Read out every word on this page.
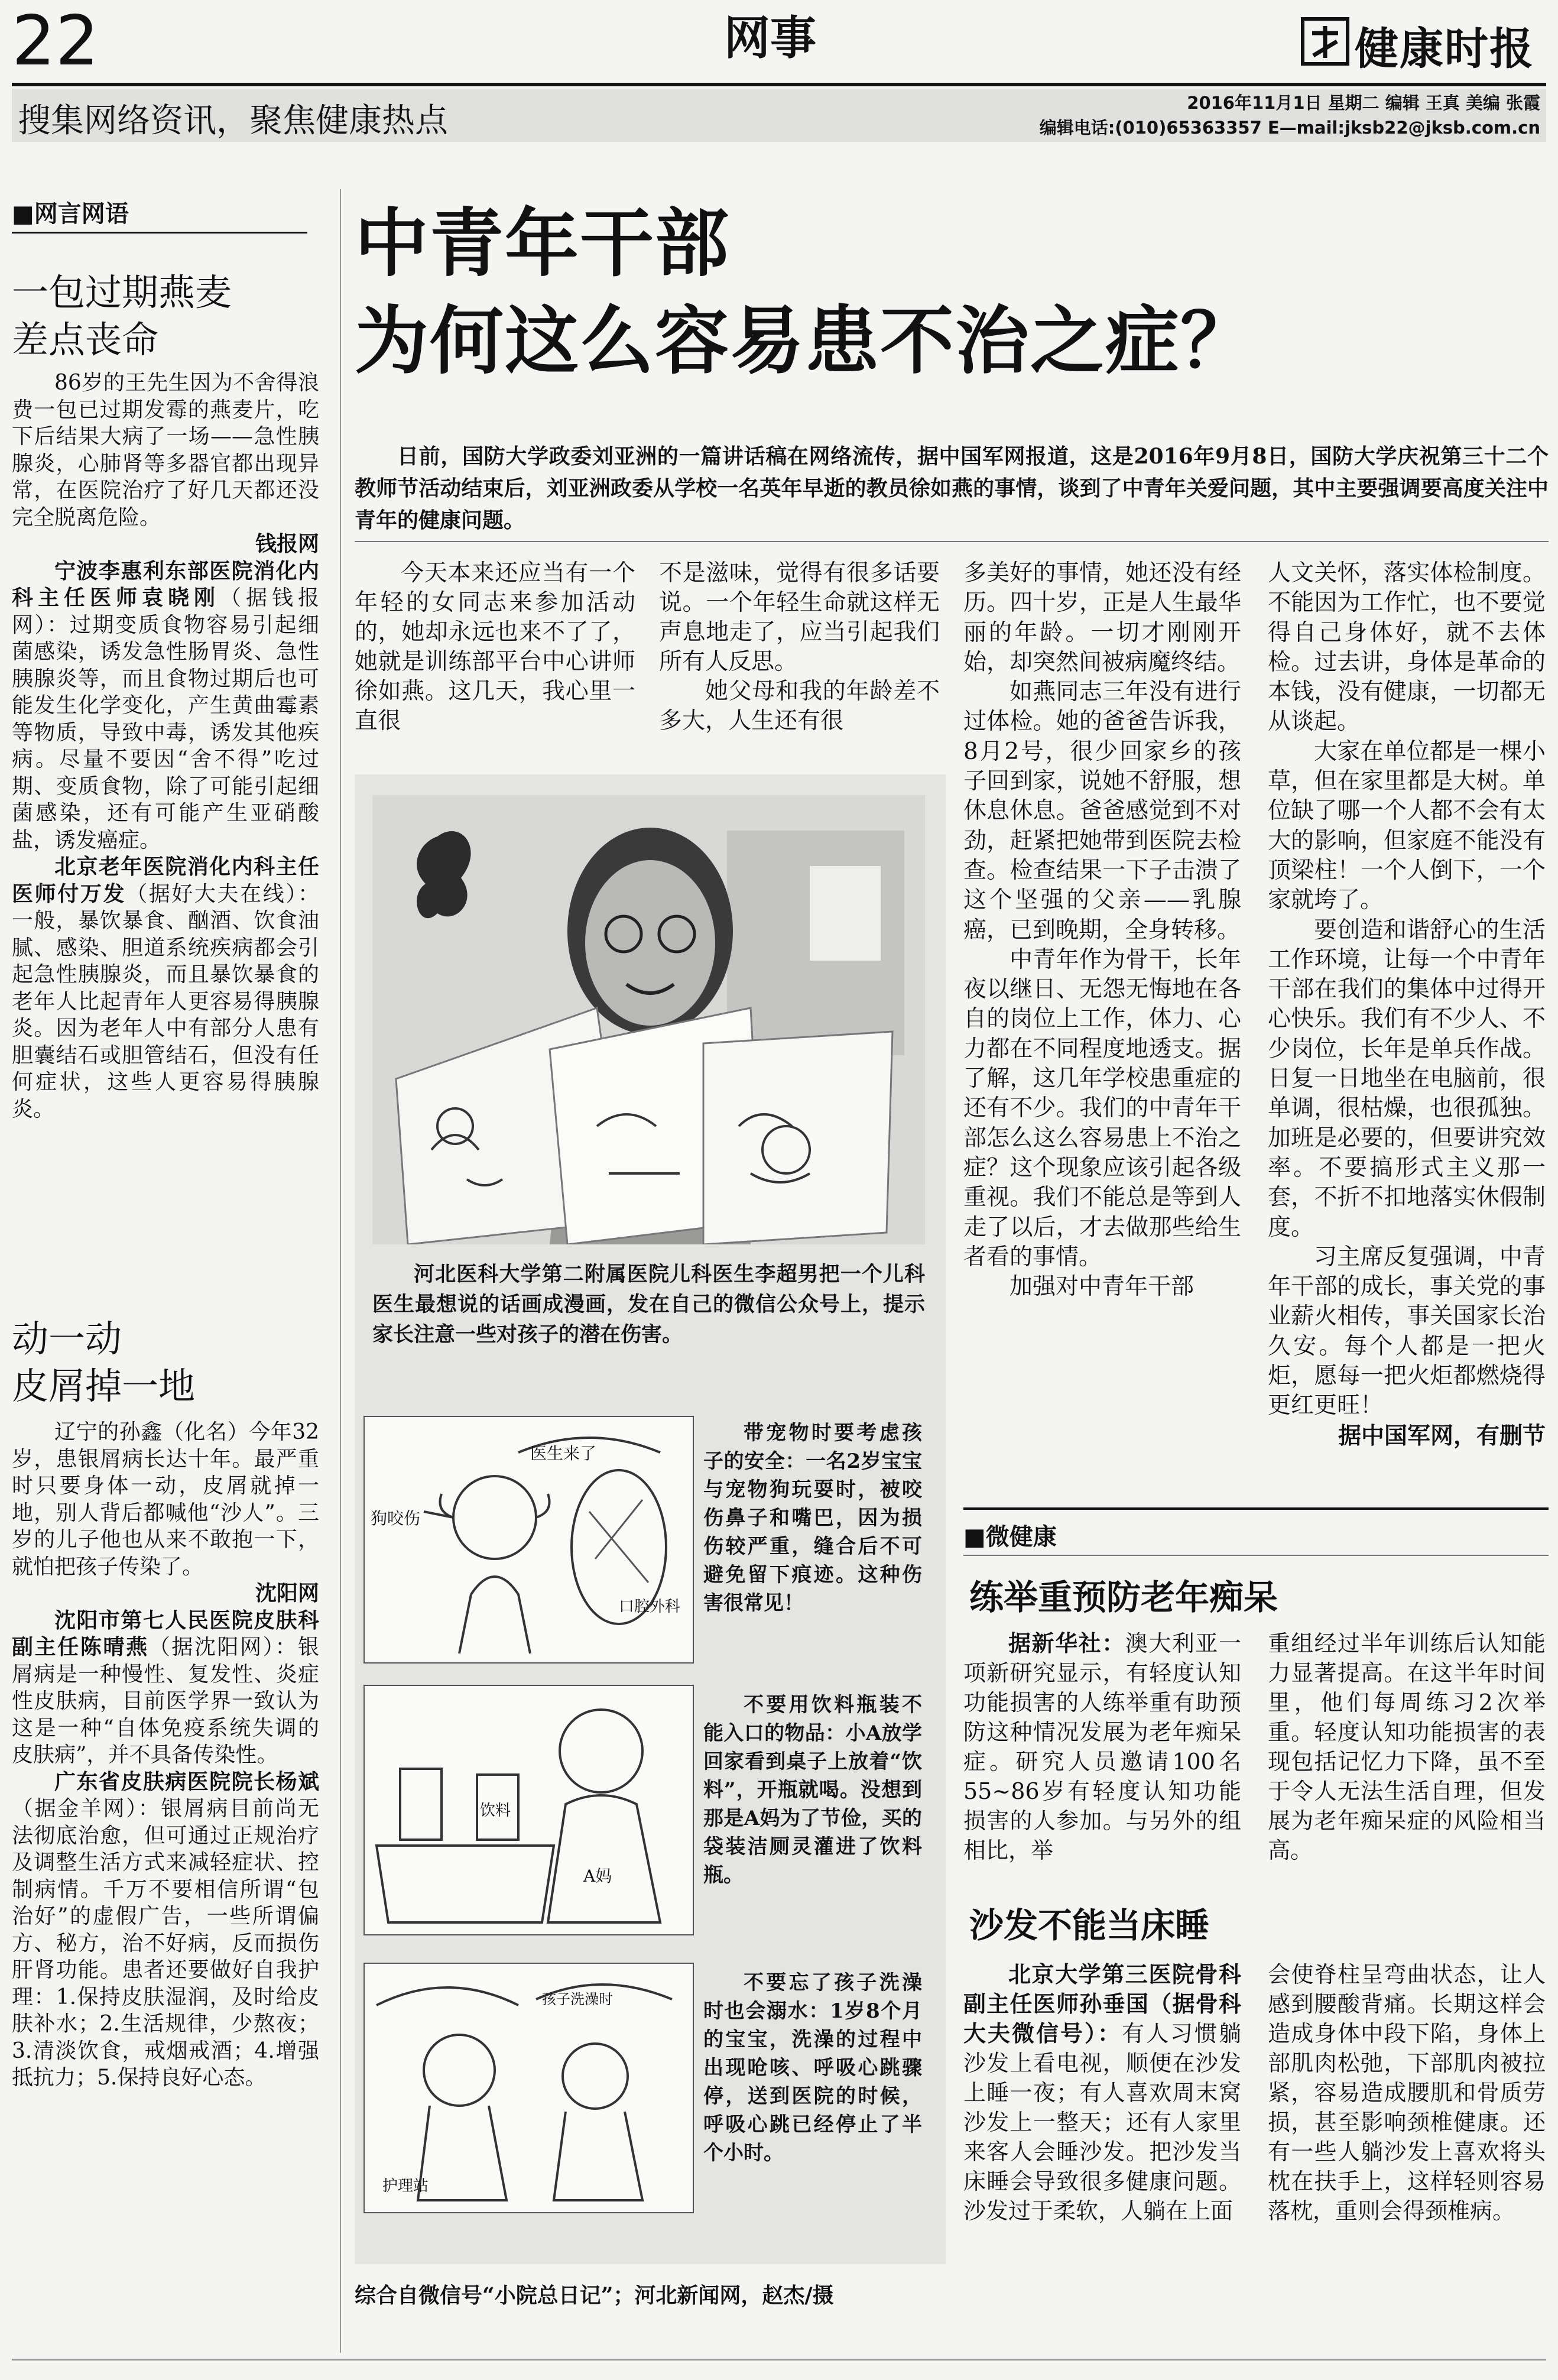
22	网事	健康时报
搜集网络资讯，聚焦健康热点	2016年11月1日 星期二 编辑 王真 美编 张霞
编辑电话:(010)65363357 E—mail:jksb22@jksb.com.cn
■网言网语
一包过期燕麦
差点丧命

86岁的王先生因为不舍得浪费一包已过期发霉的燕麦片，吃下后结果大病了一场——急性胰腺炎，心肺肾等多器官都出现异常，在医院治疗了好几天都还没完全脱离危险。

钱报网

宁波李惠利东部医院消化内科主任医师袁晓刚（据钱报网）：过期变质食物容易引起细菌感染，诱发急性肠胃炎、急性胰腺炎等，而且食物过期后也可能发生化学变化，产生黄曲霉素等物质，导致中毒，诱发其他疾病。尽量不要因“舍不得”吃过期、变质食物，除了可能引起细菌感染，还有可能产生亚硝酸盐，诱发癌症。

北京老年医院消化内科主任医师付万发（据好大夫在线）：一般，暴饮暴食、酗酒、饮食油腻、感染、胆道系统疾病都会引起急性胰腺炎，而且暴饮暴食的老年人比起青年人更容易得胰腺炎。因为老年人中有部分人患有胆囊结石或胆管结石，但没有任何症状，这些人更容易得胰腺炎。

动一动
皮屑掉一地

辽宁的孙鑫（化名）今年32岁，患银屑病长达十年。最严重时只要身体一动，皮屑就掉一地，别人背后都喊他“沙人”。三岁的儿子他也从来不敢抱一下，就怕把孩子传染了。

沈阳网

沈阳市第七人民医院皮肤科副主任陈晴燕（据沈阳网）：银屑病是一种慢性、复发性、炎症性皮肤病，目前医学界一致认为这是一种“自体免疫系统失调的皮肤病”，并不具备传染性。

广东省皮肤病医院院长杨斌（据金羊网）：银屑病目前尚无法彻底治愈，但可通过正规治疗及调整生活方式来减轻症状、控制病情。千万不要相信所谓“包治好”的虚假广告，一些所谓偏方、秘方，治不好病，反而损伤肝肾功能。患者还要做好自我护理：1.保持皮肤湿润，及时给皮肤补水；2.生活规律，少熬夜；3.清淡饮食，戒烟戒酒；4.增强抵抗力；5.保持良好心态。

中青年干部
为何这么容易患不治之症？

日前，国防大学政委刘亚洲的一篇讲话稿在网络流传，据中国军网报道，这是2016年9月8日，国防大学庆祝第三十二个教师节活动结束后，刘亚洲政委从学校一名英年早逝的教员徐如燕的事情，谈到了中青年关爱问题，其中主要强调要高度关注中青年的健康问题。

今天本来还应当有一个年轻的女同志来参加活动的，她却永远也来不了了，她就是训练部平台中心讲师徐如燕。这几天，我心里一直很

不是滋味，觉得有很多话要说。一个年轻生命就这样无声息地走了，应当引起我们所有人反思。

她父母和我的年龄差不多大，人生还有很

多美好的事情，她还没有经历。四十岁，正是人生最华丽的年龄。一切才刚刚开始，却突然间被病魔终结。

如燕同志三年没有进行过体检。她的爸爸告诉我，8月2号，很少回家乡的孩子回到家，说她不舒服，想休息休息。爸爸感觉到不对劲，赶紧把她带到医院去检查。检查结果一下子击溃了这个坚强的父亲——乳腺癌，已到晚期，全身转移。

中青年作为骨干，长年夜以继日、无怨无悔地在各自的岗位上工作，体力、心力都在不同程度地透支。据了解，这几年学校患重症的还有不少。我们的中青年干部怎么这么容易患上不治之症？这个现象应该引起各级重视。我们不能总是等到人走了以后，才去做那些给生者看的事情。

加强对中青年干部

人文关怀，落实体检制度。不能因为工作忙，也不要觉得自己身体好，就不去体检。过去讲，身体是革命的本钱，没有健康，一切都无从谈起。

大家在单位都是一棵小草，但在家里都是大树。单位缺了哪一个人都不会有太大的影响，但家庭不能没有顶梁柱！一个人倒下，一个家就垮了。

要创造和谐舒心的生活工作环境，让每一个中青年干部在我们的集体中过得开心快乐。我们有不少人、不少岗位，长年是单兵作战。日复一日地坐在电脑前，很单调，很枯燥，也很孤独。加班是必要的，但要讲究效率。不要搞形式主义那一套，不折不扣地落实休假制度。

习主席反复强调，中青年干部的成长，事关党的事业薪火相传，事关国家长治久安。每个人都是一把火炬，愿每一把火炬都燃烧得更红更旺！

据中国军网，有删节

河北医科大学第二附属医院儿科医生李超男把一个儿科医生最想说的话画成漫画，发在自己的微信公众号上，提示家长注意一些对孩子的潜在伤害。

医生来了
狗咬伤
口腔外科

带宠物时要考虑孩子的安全：一名2岁宝宝与宠物狗玩耍时，被咬伤鼻子和嘴巴，因为损伤较严重，缝合后不可避免留下痕迹。这种伤害很常见！

饮料
A妈

不要用饮料瓶装不能入口的物品：小A放学回家看到桌子上放着“饮料”，开瓶就喝。没想到那是A妈为了节俭，买的袋装洁厕灵灌进了饮料瓶。

护理站
孩子洗澡时

不要忘了孩子洗澡时也会溺水：1岁8个月的宝宝，洗澡的过程中出现呛咳、呼吸心跳骤停，送到医院的时候，呼吸心跳已经停止了半个小时。

综合自微信号“小院总日记”；河北新闻网，赵杰/摄
■微健康
练举重预防老年痴呆

据新华社：澳大利亚一项新研究显示，有轻度认知功能损害的人练举重有助预防这种情况发展为老年痴呆症。研究人员邀请100名55~86岁有轻度认知功能损害的人参加。与另外的组相比，举

重组经过半年训练后认知能力显著提高。在这半年时间里，他们每周练习2次举重。轻度认知功能损害的表现包括记忆力下降，虽不至于令人无法生活自理，但发展为老年痴呆症的风险相当高。

沙发不能当床睡

北京大学第三医院骨科副主任医师孙垂国（据骨科大夫微信号）：有人习惯躺沙发上看电视，顺便在沙发上睡一夜；有人喜欢周末窝沙发上一整天；还有人家里来客人会睡沙发。把沙发当床睡会导致很多健康问题。沙发过于柔软，人躺在上面

会使脊柱呈弯曲状态，让人感到腰酸背痛。长期这样会造成身体中段下陷，身体上部肌肉松弛，下部肌肉被拉紧，容易造成腰肌和骨质劳损，甚至影响颈椎健康。还有一些人躺沙发上喜欢将头枕在扶手上，这样轻则容易落枕，重则会得颈椎病。
